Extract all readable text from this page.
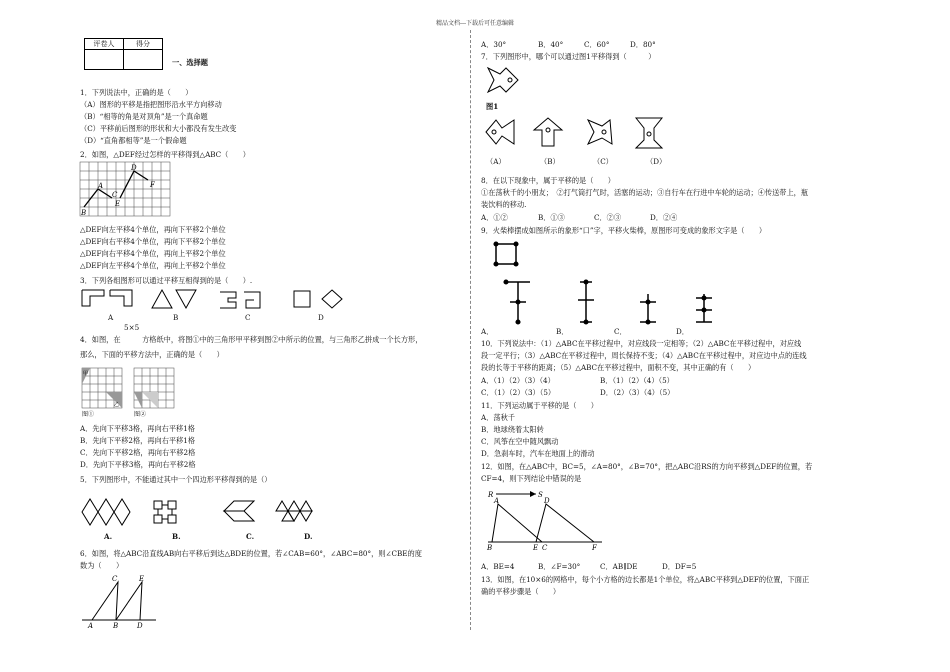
精品文档---下载后可任意编辑
评卷人	得分

一、选择题
1．下列说法中，正确的是（　　）
（A）图形的平移是指把图形沿水平方向移动
（B）“相等的角是对顶角”是一个真命题
（C）平移前后图形的形状和大小都没有发生改变
（D）“直角都相等”是一个假命题
2．如图，△DEF经过怎样的平移得到△ABC（　　）
A
B
C
D
E
F
△DEF向左平移4个单位，再向下平移2个单位
△DEF向右平移4个单位，再向下平移2个单位
△DEF向右平移4个单位，再向上平移2个单位
△DEF向左平移4个单位，再向上平移2个单位
3．下列各组图形可以通过平移互相得到的是（　　）.
A	B	C	D
5×5
4．如图，在　　　方格纸中，将图①中的三角形甲平移到图②中所示的位置，与三角形乙拼成一个长方形，
那么，下面的平移方法中，正确的是（　　）
甲
乙
图①	图②
A．先向下平移3格，再向右平移1格
B．先向下平移2格，再向右平移1格
C．先向下平移2格，再向右平移2格
D．先向下平移3格，再向右平移2格
5．下列图形中，不能通过其中一个四边形平移得到的是（）
A.	B.	C.	D.
6．如图，将△ABC沿直线AB向右平移后到达△BDE的位置，若∠CAB=60°，∠ABC=80°，则∠CBE的度
数为（　　）
A	B
C
D
E
A．30°	B．40°	C．60°	D．80°
7．下列图形中，哪个可以通过图1平移得到（　　　）
图1
（A）	（B）	（C）	（D）
8．在以下现象中，属于平移的是（　　）
①在荡秋千的小朋友；　②打气筒打气时，活塞的运动；③自行车在行进中车轮的运动；④传送带上，瓶
装饮料的移动.
A．①②	B．①③	C．②③	D．②④
9．火柴棒摆成如图所示的象形“口”字，平移火柴棒，原图形可变成的象形文字是（　　）
A．	B．	C．	D．
10．下列说法中：（1）△ABC在平移过程中，对应线段一定相等；（2）△ABC在平移过程中，对应线
段一定平行；（3）△ABC在平移过程中，周长保持不变；（4）△ABC在平移过程中，对应边中点的连线
段的长等于平移的距离；（5）△ABC在平移过程中，面积不变，其中正确的有（　　）
A．（1）（2）（3）（4）	B．（1）（2）（4）（5）
C．（1）（2）（3）（5）	D．（2）（3）（4）（5）
11．下列运动属于平移的是（　　）
A．荡秋千
B．地球绕着太阳转
C．风筝在空中随风飘动
D．急刹车时，汽车在地面上的滑动
12．如图，在△ABC中，BC=5，∠A=80°，∠B=70°，把△ABC沿RS的方向平移到△DEF的位置，若
CF=4，则下列结论中错误的是
R	S
A	D
B	E C	F
A．BE=4	B．∠F=30°	C．AB∥DE	D．DF=5
13．如图，在10×6的网格中，每个小方格的边长都是1个单位，将△ABC平移到△DEF的位置，下面正
确的平移步骤是（　　）
